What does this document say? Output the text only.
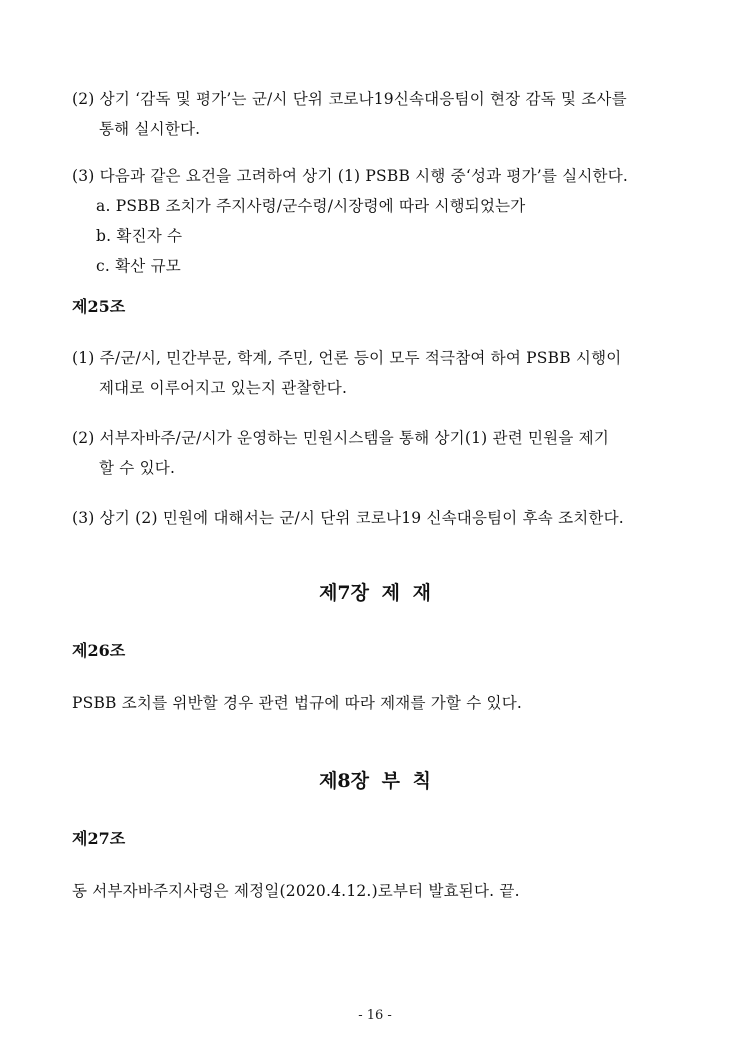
(2) 상기 ‘감독 및 평가’는 군/시 단위 코로나19신속대응팀이 현장 감독 및 조사를
통해 실시한다.

(3) 다음과 같은 요건을 고려하여 상기 (1) PSBB 시행 중‘성과 평가’를 실시한다.
a. PSBB 조치가 주지사령/군수령/시장령에 따라 시행되었는가
b. 확진자 수
c. 확산 규모

제25조

(1) 주/군/시, 민간부문, 학계, 주민, 언론 등이 모두 적극참여 하여 PSBB 시행이
제대로 이루어지고 있는지 관찰한다.

(2) 서부자바주/군/시가 운영하는 민원시스템을 통해 상기(1) 관련 민원을 제기
할 수 있다.

(3) 상기 (2) 민원에 대해서는 군/시 단위 코로나19 신속대응팀이 후속 조치한다.

제7장 제 재
제26조

PSBB 조치를 위반할 경우 관련 법규에 따라 제재를 가할 수 있다.

제8장 부 칙
제27조

동 서부자바주지사령은 제정일(2020.4.12.)로부터 발효된다. 끝.

- 16 -
